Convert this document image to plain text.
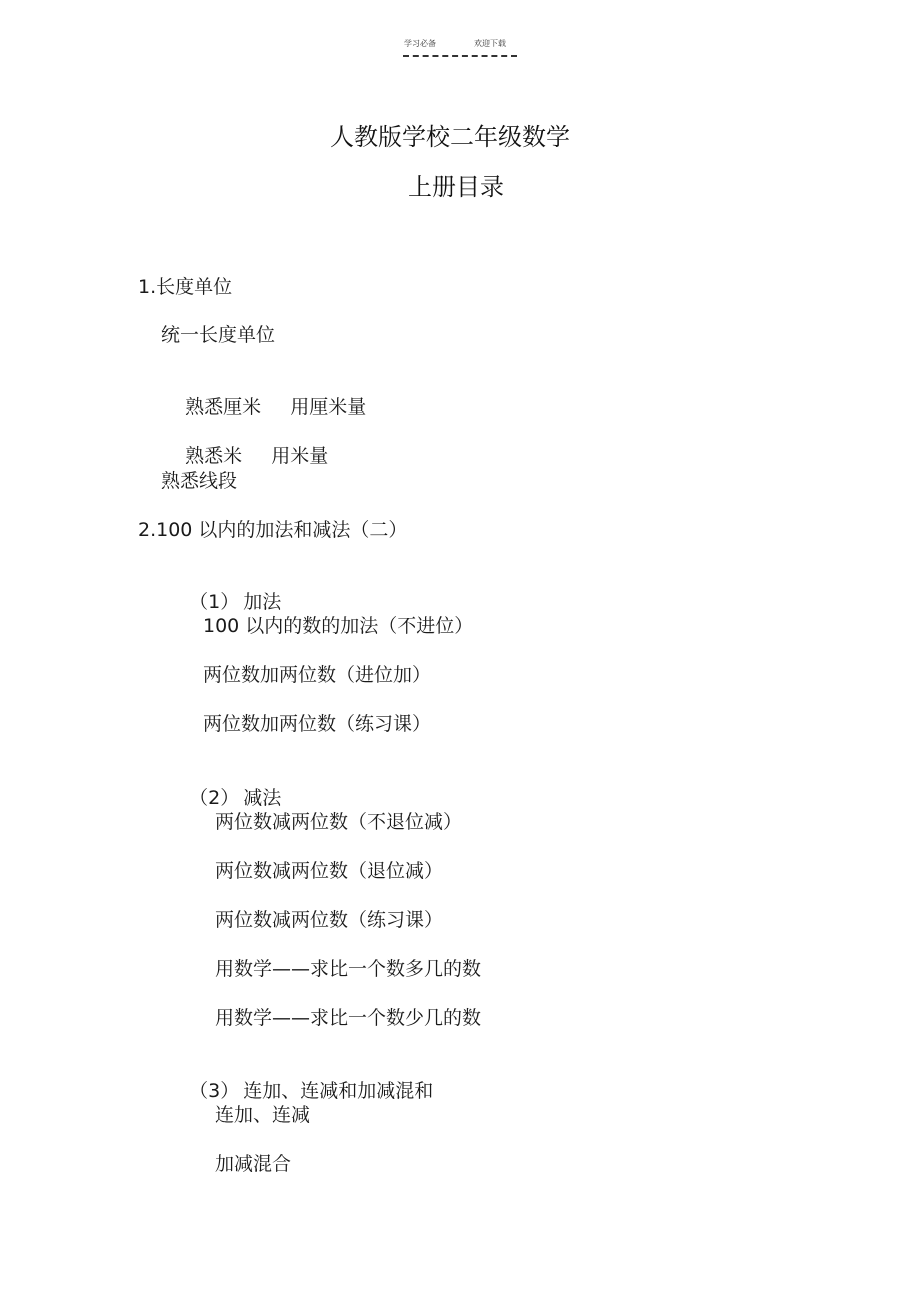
学习必备	欢迎下载
人教版学校二年级数学
上册目录
1.长度单位
统一长度单位

熟悉厘米 用厘米量

熟悉米 用米量

熟悉线段
2.100 以内的加法和减法（二）

（1） 加法

100 以内的数的加法（不进位）
两位数加两位数（进位加）
两位数加两位数（练习课）

（2） 减法

两位数减两位数（不退位减）
两位数减两位数（退位减）
两位数减两位数（练习课）
用数学——求比一个数多几的数
用数学——求比一个数少几的数

（3） 连加、连减和加减混和

连加、连减
加减混合
